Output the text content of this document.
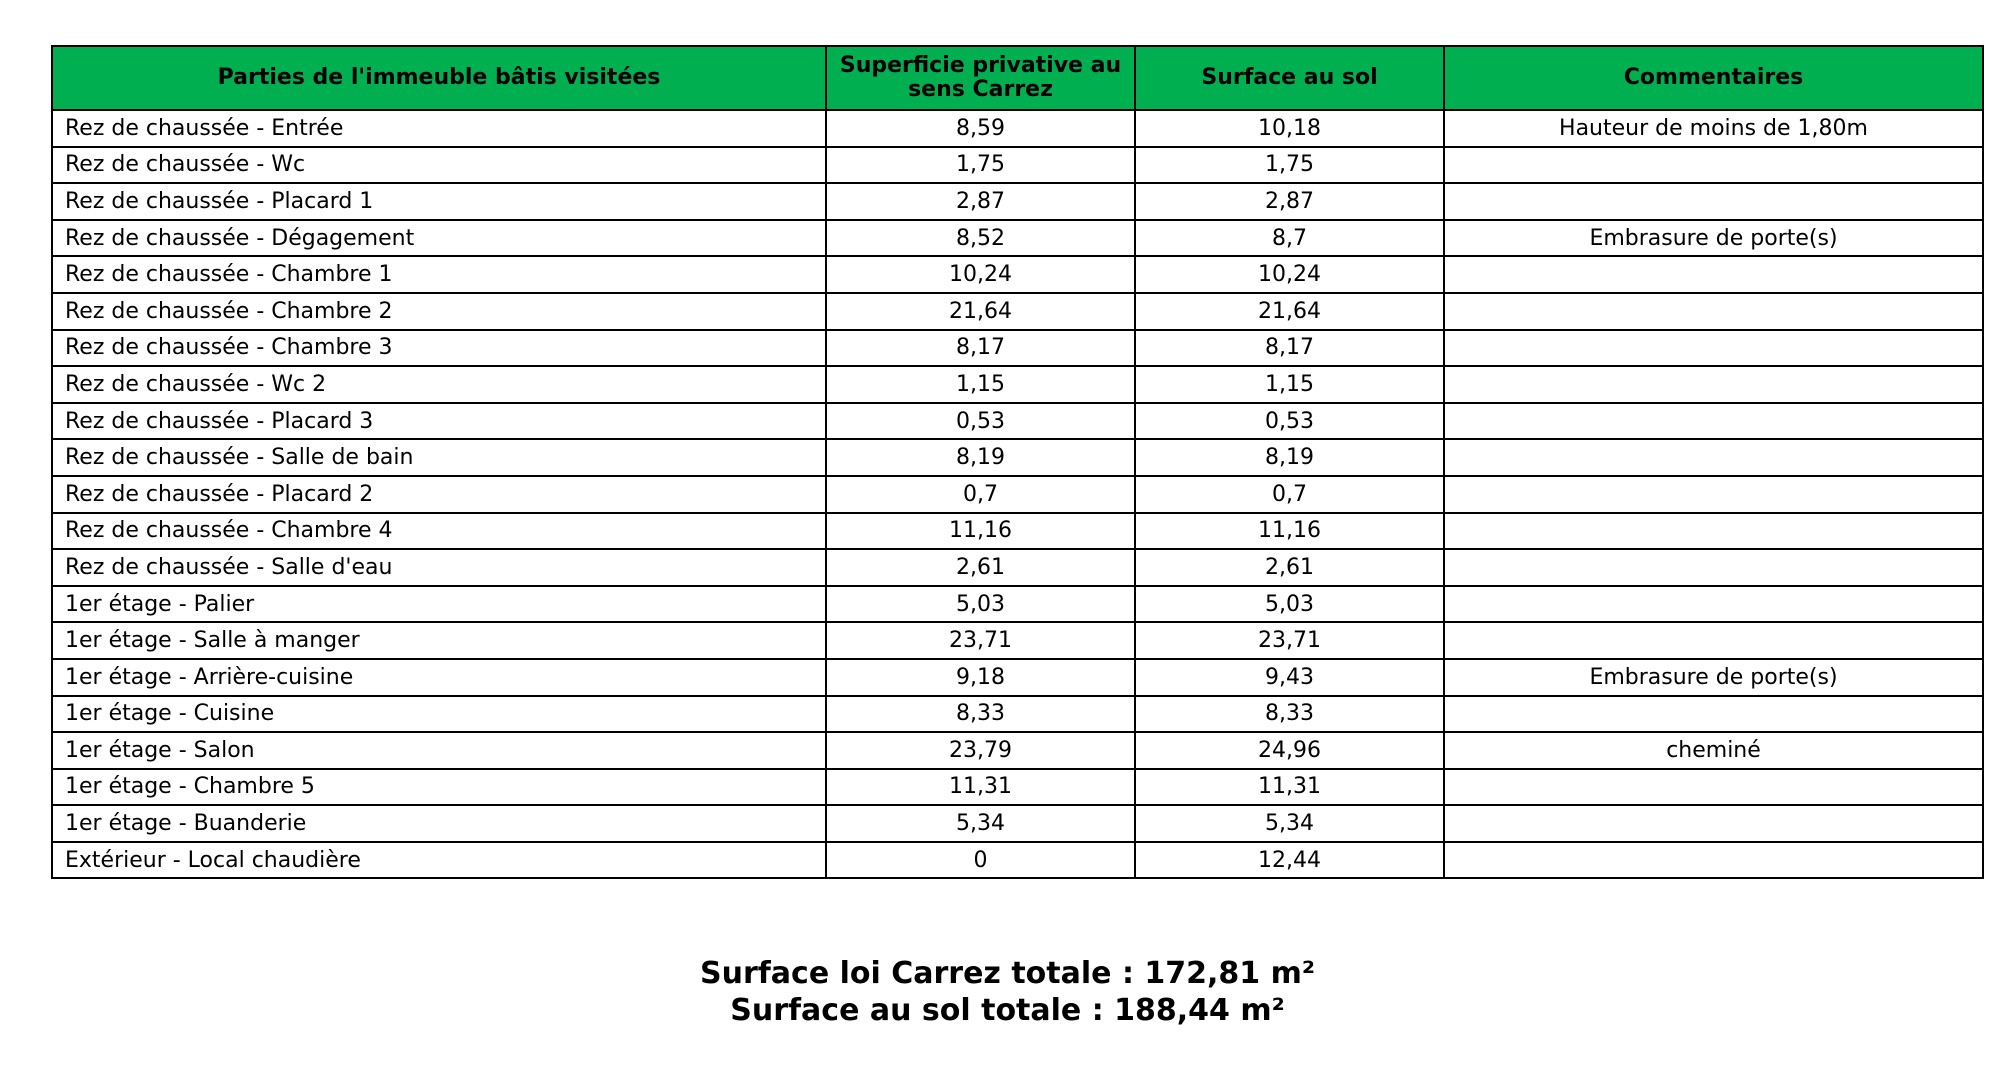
Parties de l'immeuble bâtis visitées	Superficie privative au sens Carrez	Surface au sol	Commentaires
Rez de chaussée - Entrée	8,59	10,18	Hauteur de moins de 1,80m
Rez de chaussée - Wc	1,75	1,75	
Rez de chaussée - Placard 1	2,87	2,87	
Rez de chaussée - Dégagement	8,52	8,7	Embrasure de porte(s)
Rez de chaussée - Chambre 1	10,24	10,24	
Rez de chaussée - Chambre 2	21,64	21,64	
Rez de chaussée - Chambre 3	8,17	8,17	
Rez de chaussée - Wc 2	1,15	1,15	
Rez de chaussée - Placard 3	0,53	0,53	
Rez de chaussée - Salle de bain	8,19	8,19	
Rez de chaussée - Placard 2	0,7	0,7	
Rez de chaussée - Chambre 4	11,16	11,16	
Rez de chaussée - Salle d'eau	2,61	2,61	
1er étage - Palier	5,03	5,03	
1er étage - Salle à manger	23,71	23,71	
1er étage - Arrière-cuisine	9,18	9,43	Embrasure de porte(s)
1er étage - Cuisine	8,33	8,33	
1er étage - Salon	23,79	24,96	cheminé
1er étage - Chambre 5	11,31	11,31	
1er étage - Buanderie	5,34	5,34	
Extérieur - Local chaudière	0	12,44	
Surface loi Carrez totale : 172,81 m²
Surface au sol totale : 188,44 m²
